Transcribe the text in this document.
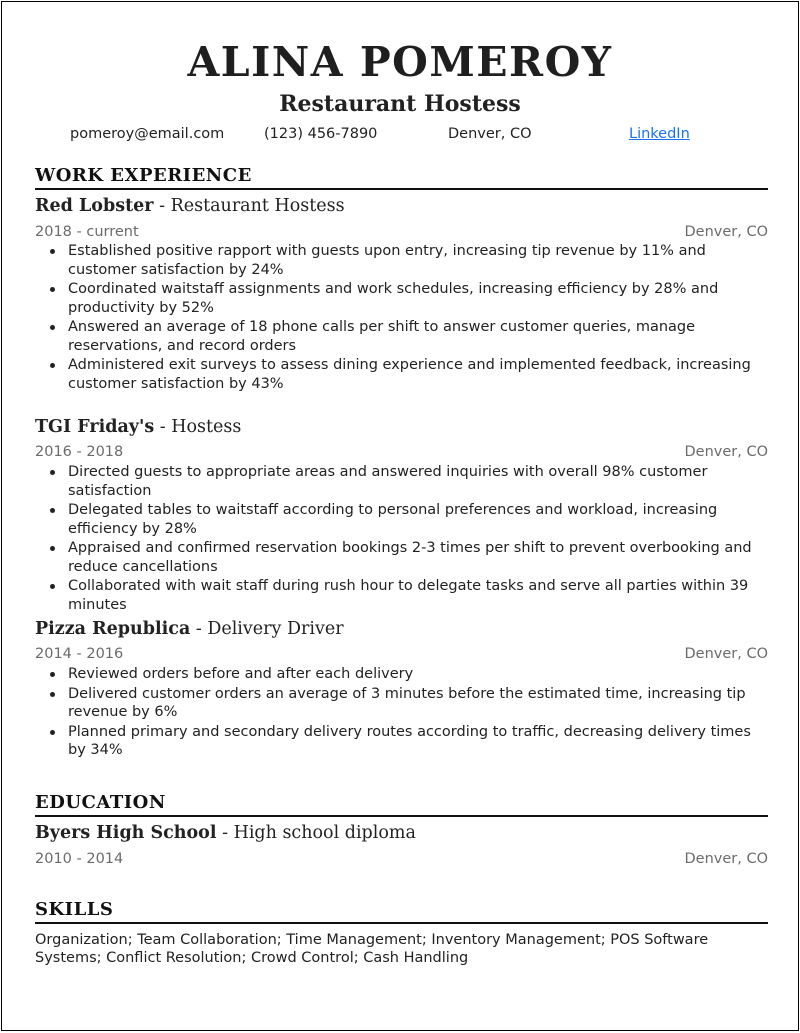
ALINA POMEROY
Restaurant Hostess
pomeroy@email.com	(123) 456-7890	Denver, CO	LinkedIn
WORK EXPERIENCE
Red Lobster - Restaurant Hostess
2018 - current	Denver, CO
Established positive rapport with guests upon entry, increasing tip revenue by 11% and customer satisfaction by 24%
Coordinated waitstaff assignments and work schedules, increasing efficiency by 28% and productivity by 52%
Answered an average of 18 phone calls per shift to answer customer queries, manage reservations, and record orders
Administered exit surveys to assess dining experience and implemented feedback, increasing customer satisfaction by 43%
TGI Friday's - Hostess
2016 - 2018	Denver, CO
Directed guests to appropriate areas and answered inquiries with overall 98% customer satisfaction
Delegated tables to waitstaff according to personal preferences and workload, increasing efficiency by 28%
Appraised and confirmed reservation bookings 2-3 times per shift to prevent overbooking and reduce cancellations
Collaborated with wait staff during rush hour to delegate tasks and serve all parties within 39 minutes
Pizza Republica - Delivery Driver
2014 - 2016	Denver, CO
Reviewed orders before and after each delivery
Delivered customer orders an average of 3 minutes before the estimated time, increasing tip revenue by 6%
Planned primary and secondary delivery routes according to traffic, decreasing delivery times by 34%
EDUCATION
Byers High School - High school diploma
2010 - 2014	Denver, CO
SKILLS
Organization; Team Collaboration; Time Management; Inventory Management; POS Software Systems; Conflict Resolution; Crowd Control; Cash Handling
